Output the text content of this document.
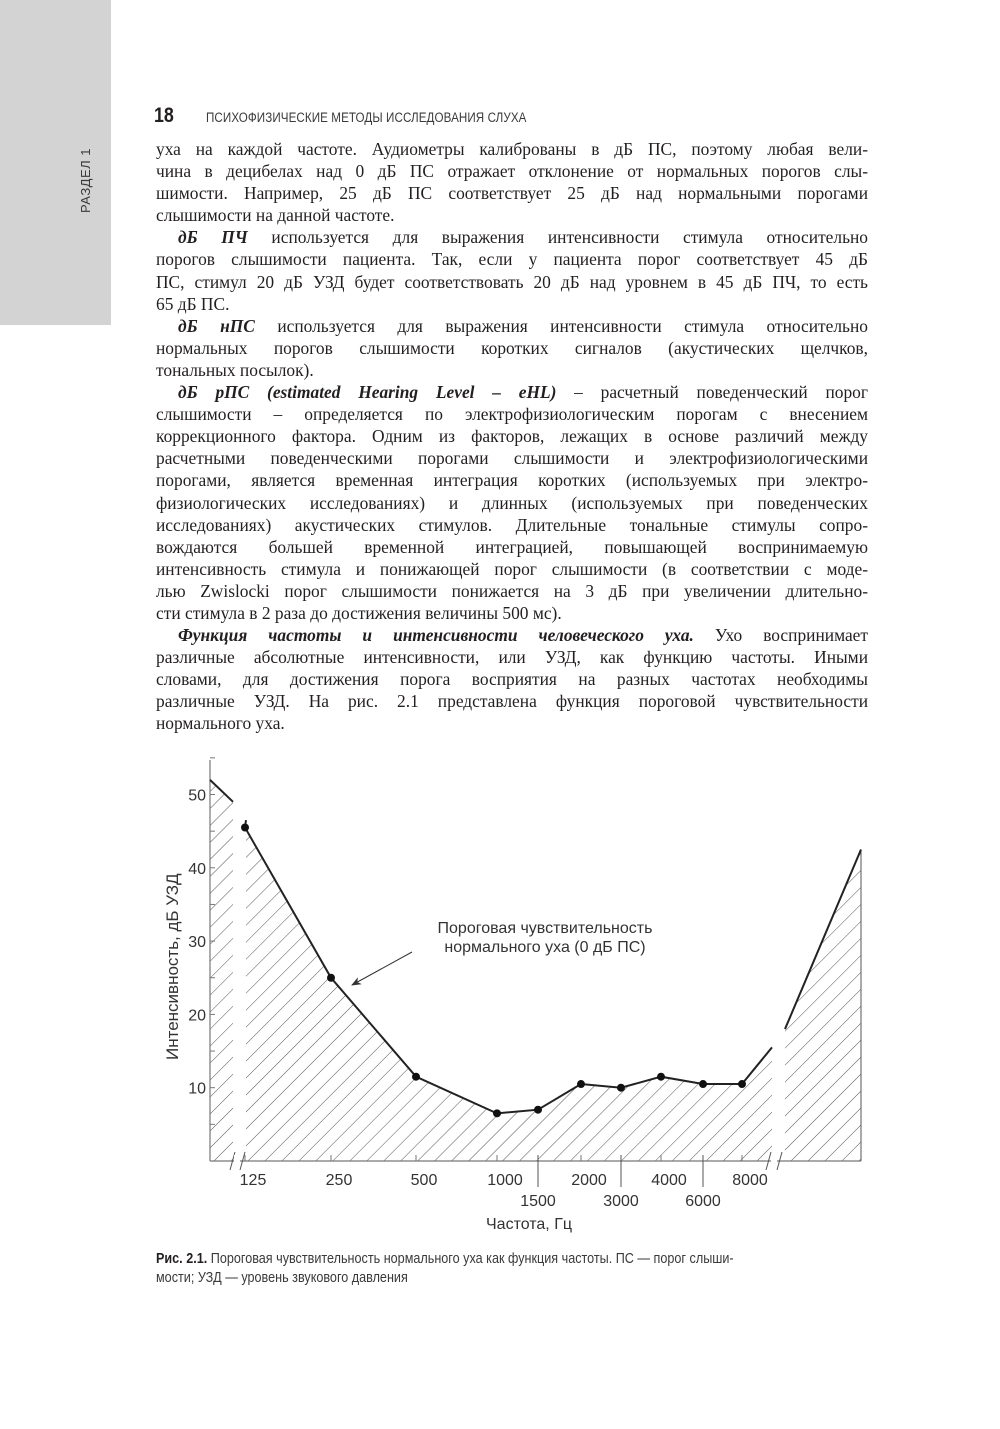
РАЗДЕЛ 1
18	ПСИХОФИЗИЧЕСКИЕ МЕТОДЫ ИССЛЕДОВАНИЯ СЛУХА
уха на каждой частоте. Аудиометры калиброваны в дБ ПС, поэтому любая вели-
чина в децибелах над 0 дБ ПС отражает отклонение от нормальных порогов слы-
шимости. Например, 25 дБ ПС соответствует 25 дБ над нормальными порогами
слышимости на данной частоте.
дБ ПЧ используется для выражения интенсивности стимула относительно
порогов слышимости пациента. Так, если у пациента порог соответствует 45 дБ
ПС, стимул 20 дБ УЗД будет соответствовать 20 дБ над уровнем в 45 дБ ПЧ, то есть
65 дБ ПС.
дБ нПС используется для выражения интенсивности стимула относительно
нормальных порогов слышимости коротких сигналов (акустических щелчков,
тональных посылок).
дБ рПС (estimated Hearing Level – eHL) – расчетный поведенческий порог
слышимости – определяется по электрофизиологическим порогам с внесением
коррекционного фактора. Одним из факторов, лежащих в основе различий между
расчетными поведенческими порогами слышимости и электрофизиологическими
порогами, является временная интеграция коротких (используемых при электро-
физиологических исследованиях) и длинных (используемых при поведенческих
исследованиях) акустических стимулов. Длительные тональные стимулы сопро-
вождаются большей временной интеграцией, повышающей воспринимаемую
интенсивность стимула и понижающей порог слышимости (в соответствии с моде-
лью Zwislocki порог слышимости понижается на 3 дБ при увеличении длительно-
сти стимула в 2 раза до достижения величины 500 мс).
Функция частоты и интенсивности человеческого уха. Ухо воспринимает
различные абсолютные интенсивности, или УЗД, как функцию частоты. Иными
словами, для достижения порога восприятия на разных частотах необходимы
различные УЗД. На рис. 2.1 представлена функция пороговой чувствительности
нормального уха.
10
20
30
40
50
125	250	500	1000	2000	4000	8000
1500	3000	6000
Интенсивность, дБ УЗД
Частота, Гц
Пороговая чувствительность
нормального уха (0 дБ ПС)
Рис. 2.1. Пороговая чувствительность нормального уха как функция частоты. ПС — порог слыши-
мости; УЗД — уровень звукового давления
